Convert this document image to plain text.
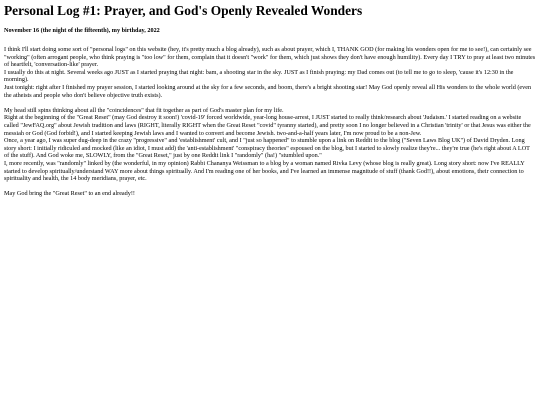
Personal Log #1: Prayer, and God's Openly Revealed Wonders
November 16 (the night of the fifteenth), my birthday, 2022

I think I'll start doing some sort of "personal logs" on this website (hey, it's pretty much a blog already), such as about prayer, which I, THANK GOD (for making his wonders open for me to see!), can certainly see "working" (often arrogant people, who think praying is "too low" for them, complain that it doesn't "work" for them, which just shows they don't have enough humility). Every day I TRY to pray at least two minutes of heartfelt, 'conversation-like' prayer.
I usually do this at night. Several weeks ago JUST as I started praying that night: bam, a shooting star in the sky. JUST as I finish praying: my Dad comes out (to tell me to go to sleep, 'cause it's 12:30 in the morning).
Just tonight: right after I finished my prayer session, I started looking around at the sky for a few seconds, and boom, there's a bright shooting star! May God openly reveal all His wonders to the whole world (even the atheists and people who don't believe objective truth exists).

My head still spins thinking about all the "coincidences" that fit together as part of God's master plan for my life.
Right at the beginning of the "Great Reset" (may God destroy it soon!) 'covid-19' forced worldwide, year-long house-arrest, I JUST started to really think/research about 'Judaism.' I started reading on a website called "JewFAQ.org" about Jewish tradition and laws (RIGHT, literally RIGHT when the Great Reset "covid" tyranny started), and pretty soon I no longer believed in a Christian 'trinity' or that Jesus was either the messiah or God (God forbid!), and I started keeping Jewish laws and I wanted to convert and become Jewish. two-and-a-half years later, I'm now proud to be a non-Jew.
Once, a year ago, I was super dug-deep in the crazy "progressive" and 'establishment' cult, and I "just so happened" to stumble upon a link on Reddit to the blog ("Seven Laws Blog UK") of David Dryden. Long story short: I initially ridiculed and mocked (like an idiot, I must add) the 'anti-establishment' "conspiracy theories" espoused on the blog, but I started to slowly realize they're... they're true (he's right about A LOT of the stuff). And God woke me, SLOWLY, from the "Great Reset," just by one Reddit link I "randomly" (ha!) "stumbled upon."
I, more recently, was "randomly" linked by (the wonderful, in my opinion) Rabbi Chananya Weissman to a blog by a woman named Rivka Levy (whose blog is really great). Long story short: now I've REALLY started to develop spiritually/understand WAY more about things spiritually. And I'm reading one of her books, and I've learned an immense magnitude of stuff (thank God!!), about emotions, their connection to spirituality and health, the 14 body meridians, prayer, etc.

May God bring the "Great Reset" to an end already!!
